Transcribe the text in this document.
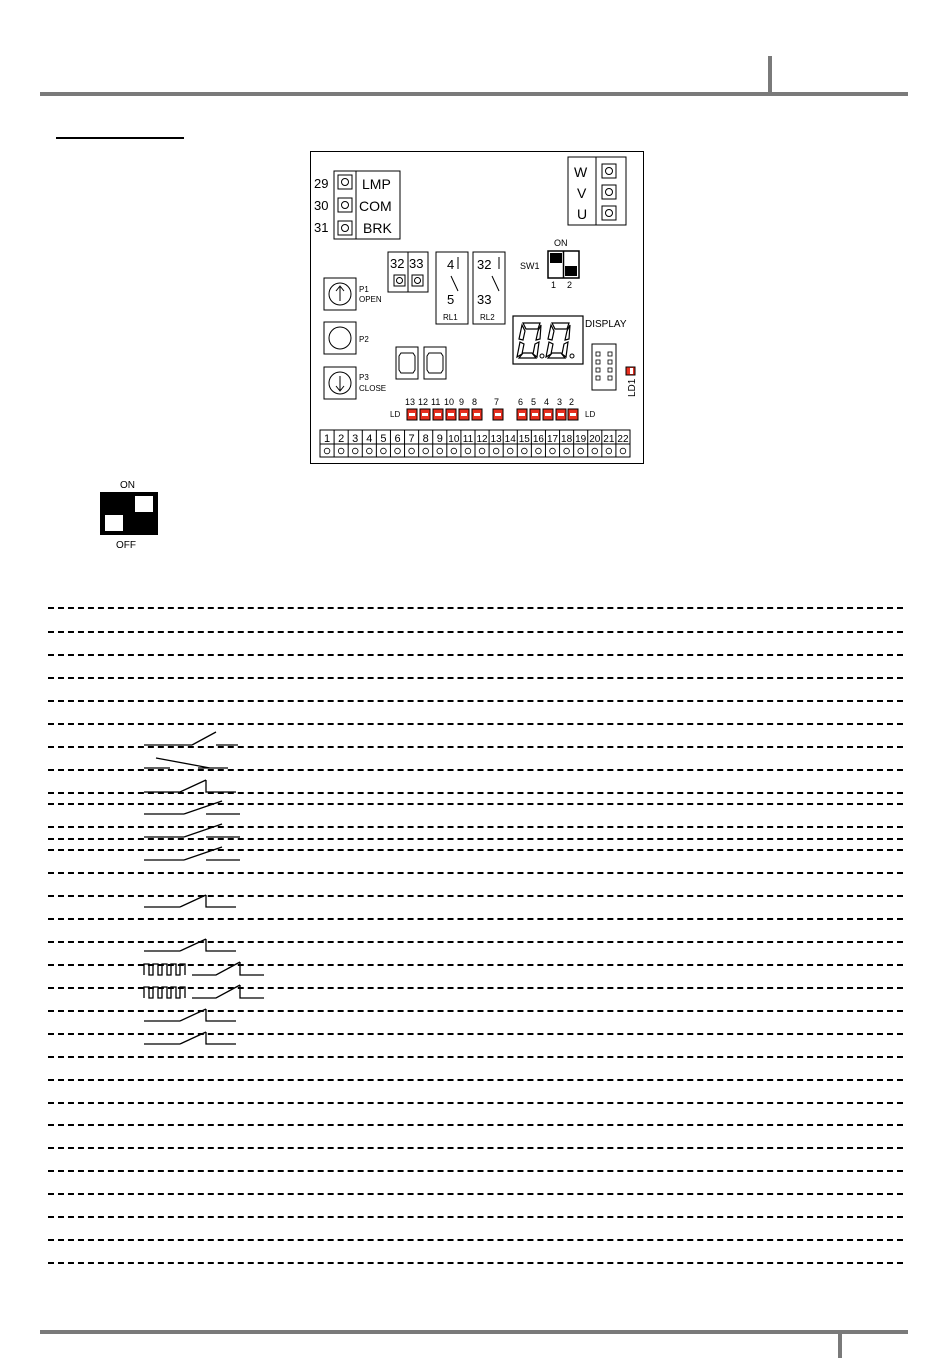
29
30
31
LMP
COM
BRK
W
V
U
32 33 4
5
RL1
32
33
RL2
ON
SW1
1 2
P1
OPEN
P2
P3
CLOSE
DISPLAY
LD1
LD	LD
13 12 11 10 9 8 7 6 5 4 3 2
1 2 3 4 5 6 7 8 9 10 11 12 13 14 15 16 17 18 19 20 21 22
ON
OFF
